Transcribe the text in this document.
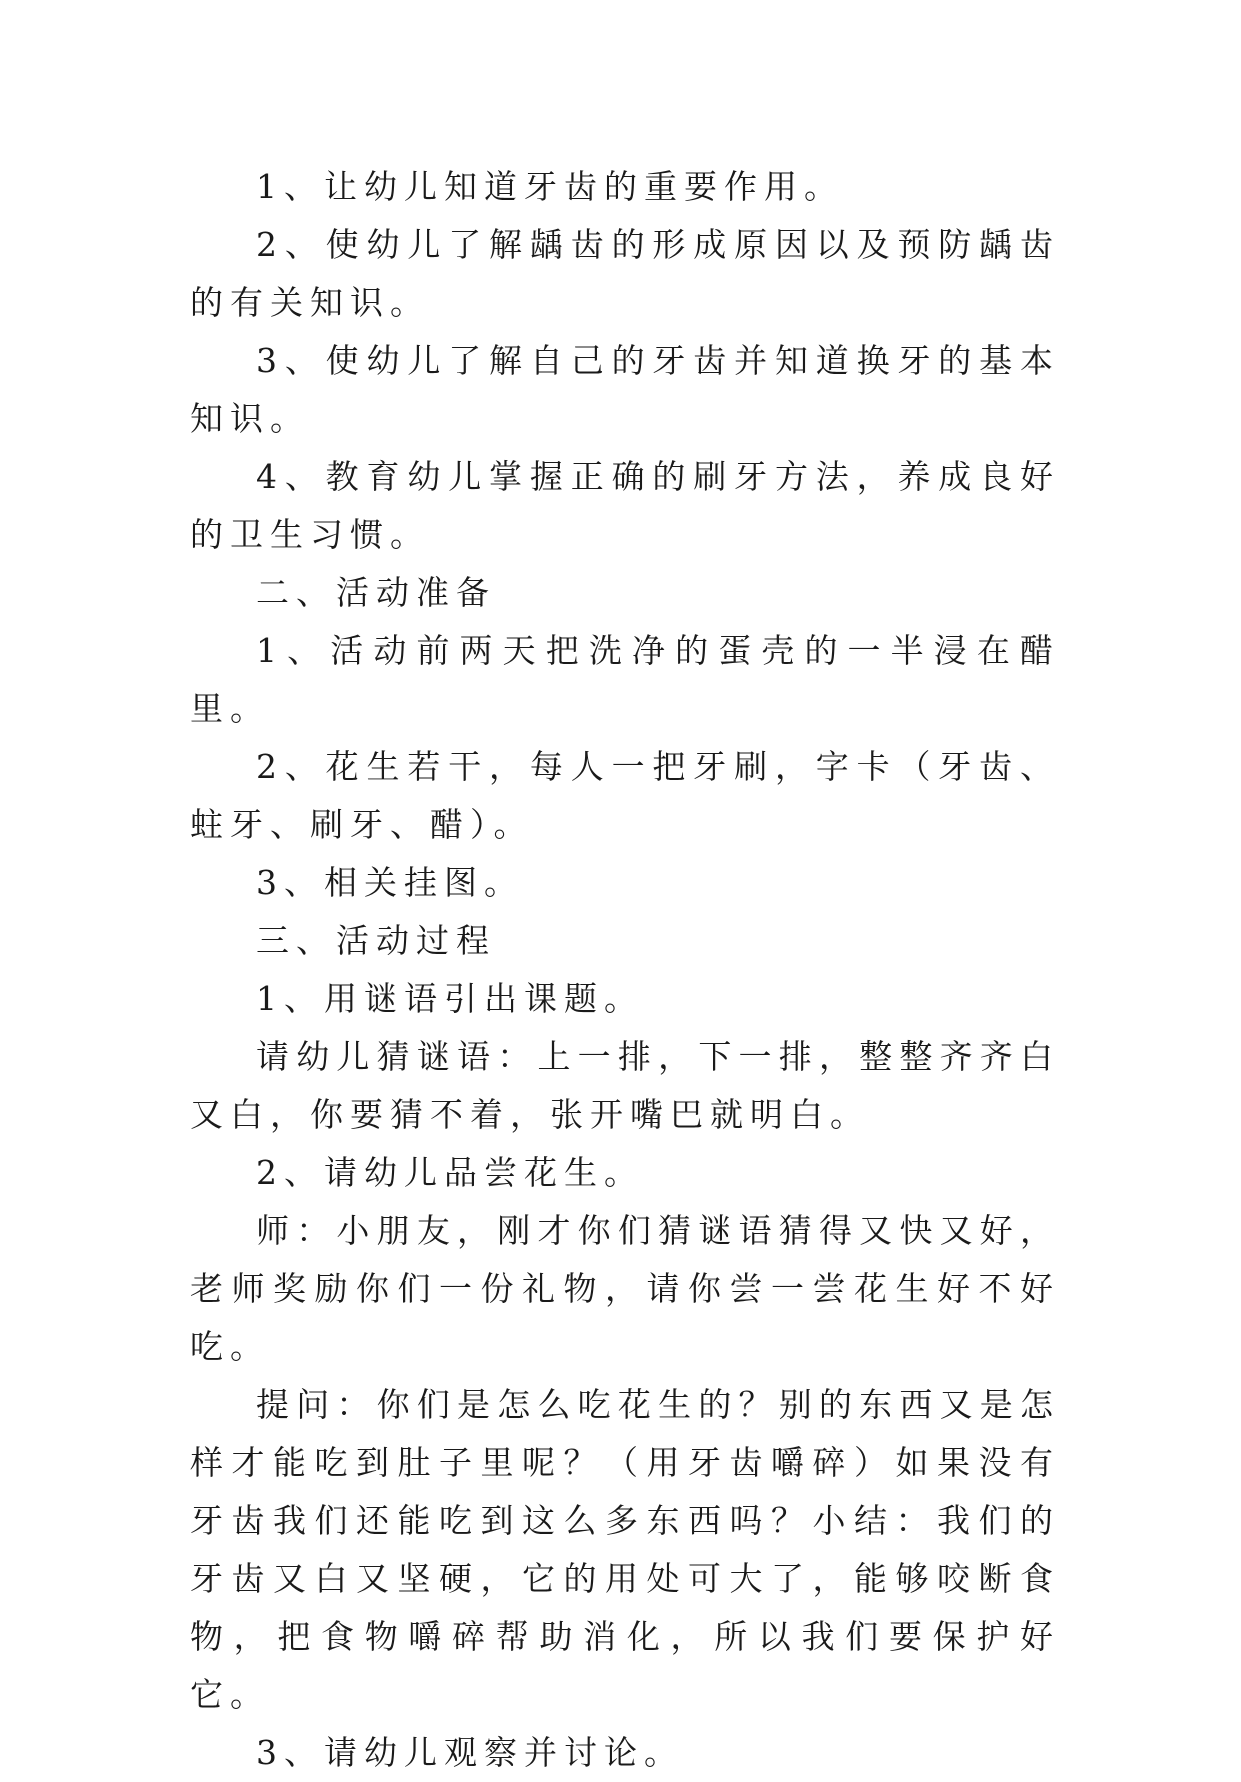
1、让幼儿知道牙齿的重要作用。

2、使幼儿了解龋齿的形成原因以及预防龋齿的有关知识。

3、使幼儿了解自己的牙齿并知道换牙的基本知识。

4、教育幼儿掌握正确的刷牙方法，养成良好的卫生习惯。

二、活动准备

1、活动前两天把洗净的蛋壳的一半浸在醋里。

2、花生若干，每人一把牙刷，字卡（牙齿、蛀牙、刷牙、醋）。

3、相关挂图。

三、活动过程

1、用谜语引出课题。

请幼儿猜谜语：上一排，下一排，整整齐齐白又白，你要猜不着，张开嘴巴就明白。

2、请幼儿品尝花生。

师：小朋友，刚才你们猜谜语猜得又快又好，老师奖励你们一份礼物，请你尝一尝花生好不好吃。

提问：你们是怎么吃花生的？别的东西又是怎样才能吃到肚子里呢？（用牙齿嚼碎）如果没有牙齿我们还能吃到这么多东西吗？小结：我们的牙齿又白又坚硬，它的用处可大了，能够咬断食物，把食物嚼碎帮助消化，所以我们要保护好它。

3、请幼儿观察并讨论。
